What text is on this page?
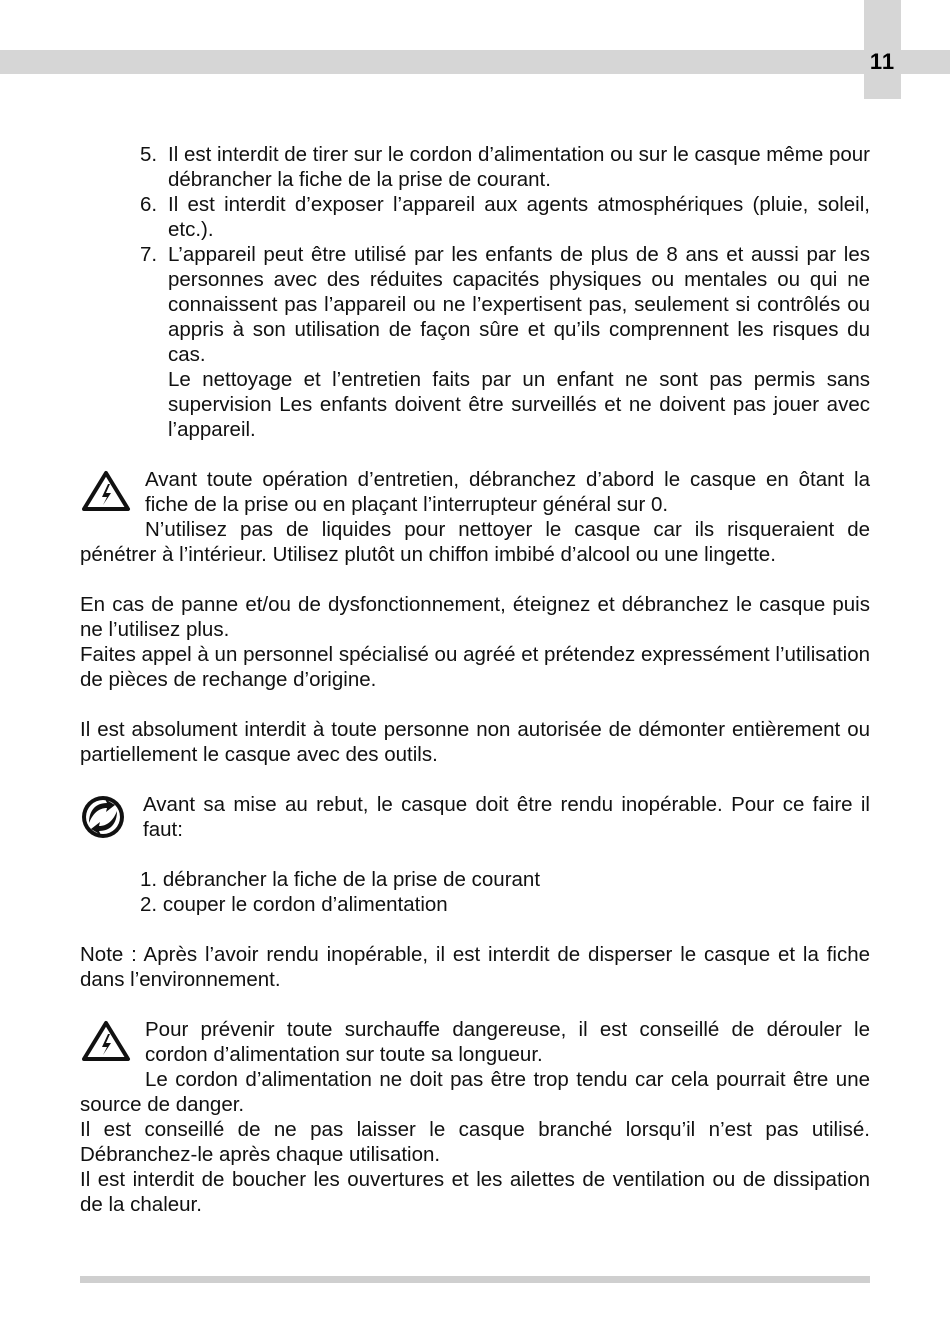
11
5. Il est interdit de tirer sur le cordon d’alimentation ou sur le casque même pour débrancher la fiche de la prise de courant.
6. Il est interdit d’exposer l’appareil aux agents atmosphériques (pluie, soleil, etc.).
7. L’appareil peut être utilisé par les enfants de plus de 8 ans et aussi par les personnes avec des réduites capacités physiques ou mentales ou qui ne connaissent pas l’appareil ou ne l’expertisent pas, seulement si contrôlés ou appris à son utilisation de façon sûre et qu’ils comprennent les risques du cas.
Le nettoyage et l’entretien faits par un enfant ne sont pas permis sans supervision Les enfants doivent être surveillés et ne doivent pas jouer avec l’appareil.
Avant toute opération d’entretien, débranchez d’abord le casque en ôtant la fiche de la prise ou en plaçant l’interrupteur général sur 0.
N’utilisez pas de liquides pour nettoyer le casque car ils risqueraient de pénétrer à l’intérieur. Utilisez plutôt un chiffon imbibé d’alcool ou une lingette.
En cas de panne et/ou de dysfonctionnement, éteignez et débranchez le casque puis ne l’utilisez plus.
Faites appel à un personnel spécialisé ou agréé et prétendez expressément l’utilisation de pièces de rechange d’origine.
Il est absolument interdit à toute personne non autorisée de démonter entièrement ou partiellement le casque avec des outils.
Avant sa mise au rebut, le casque doit être rendu inopérable. Pour ce faire il faut:
1. débrancher la fiche de la prise de courant
2. couper le cordon d’alimentation
Note : Après l’avoir rendu inopérable, il est interdit de disperser le casque et la fiche dans l’environnement.
Pour prévenir toute surchauffe dangereuse, il est conseillé de dérouler le cordon d’alimentation sur toute sa longueur.
Le cordon d’alimentation ne doit pas être trop tendu car cela pourrait être une source de danger.
Il est conseillé de ne pas laisser le casque branché lorsqu’il n’est pas utilisé. Débranchez-le après chaque utilisation.
Il est interdit de boucher les ouvertures et les ailettes de ventilation ou de dissipation de la chaleur.
